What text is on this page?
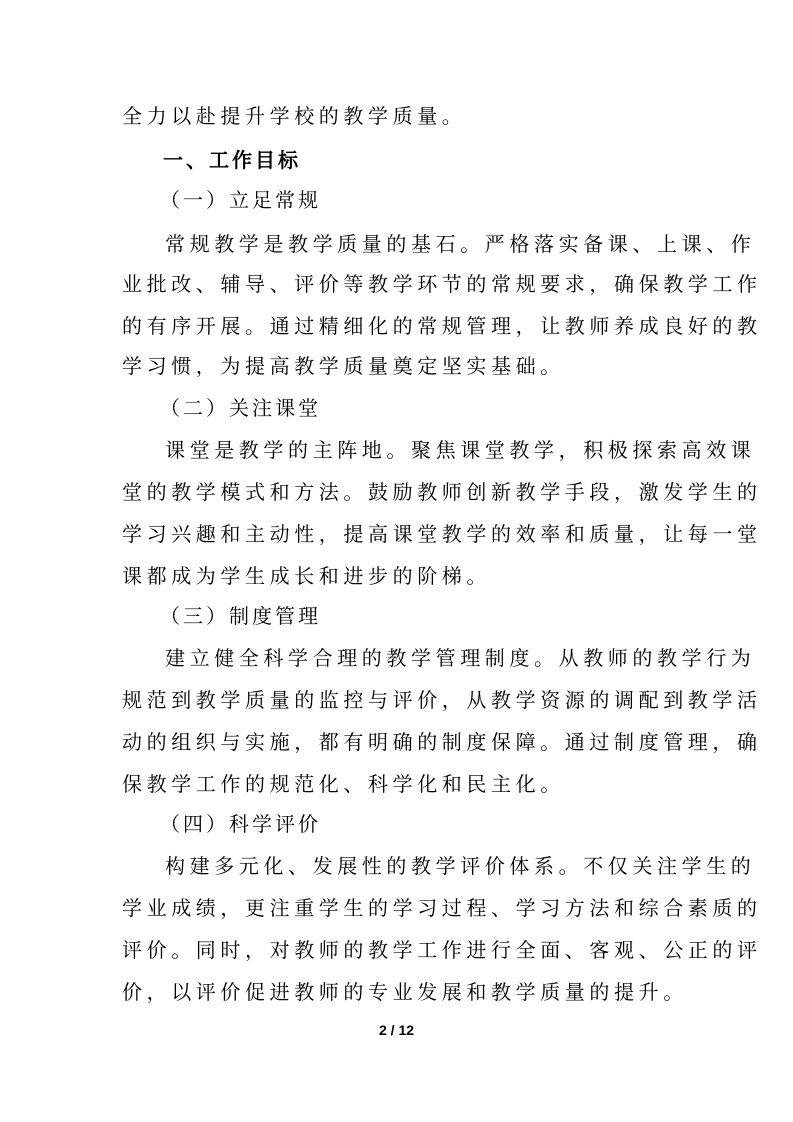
全力以赴提升学校的教学质量。
一、工作目标
（一）立足常规
常规教学是教学质量的基石。严格落实备课、上课、作
业批改、辅导、评价等教学环节的常规要求，确保教学工作
的有序开展。通过精细化的常规管理，让教师养成良好的教
学习惯，为提高教学质量奠定坚实基础。
（二）关注课堂
课堂是教学的主阵地。聚焦课堂教学，积极探索高效课
堂的教学模式和方法。鼓励教师创新教学手段，激发学生的
学习兴趣和主动性，提高课堂教学的效率和质量，让每一堂
课都成为学生成长和进步的阶梯。
（三）制度管理
建立健全科学合理的教学管理制度。从教师的教学行为
规范到教学质量的监控与评价，从教学资源的调配到教学活
动的组织与实施，都有明确的制度保障。通过制度管理，确
保教学工作的规范化、科学化和民主化。
（四）科学评价
构建多元化、发展性的教学评价体系。不仅关注学生的
学业成绩，更注重学生的学习过程、学习方法和综合素质的
评价。同时，对教师的教学工作进行全面、客观、公正的评
价，以评价促进教师的专业发展和教学质量的提升。
2 / 12
